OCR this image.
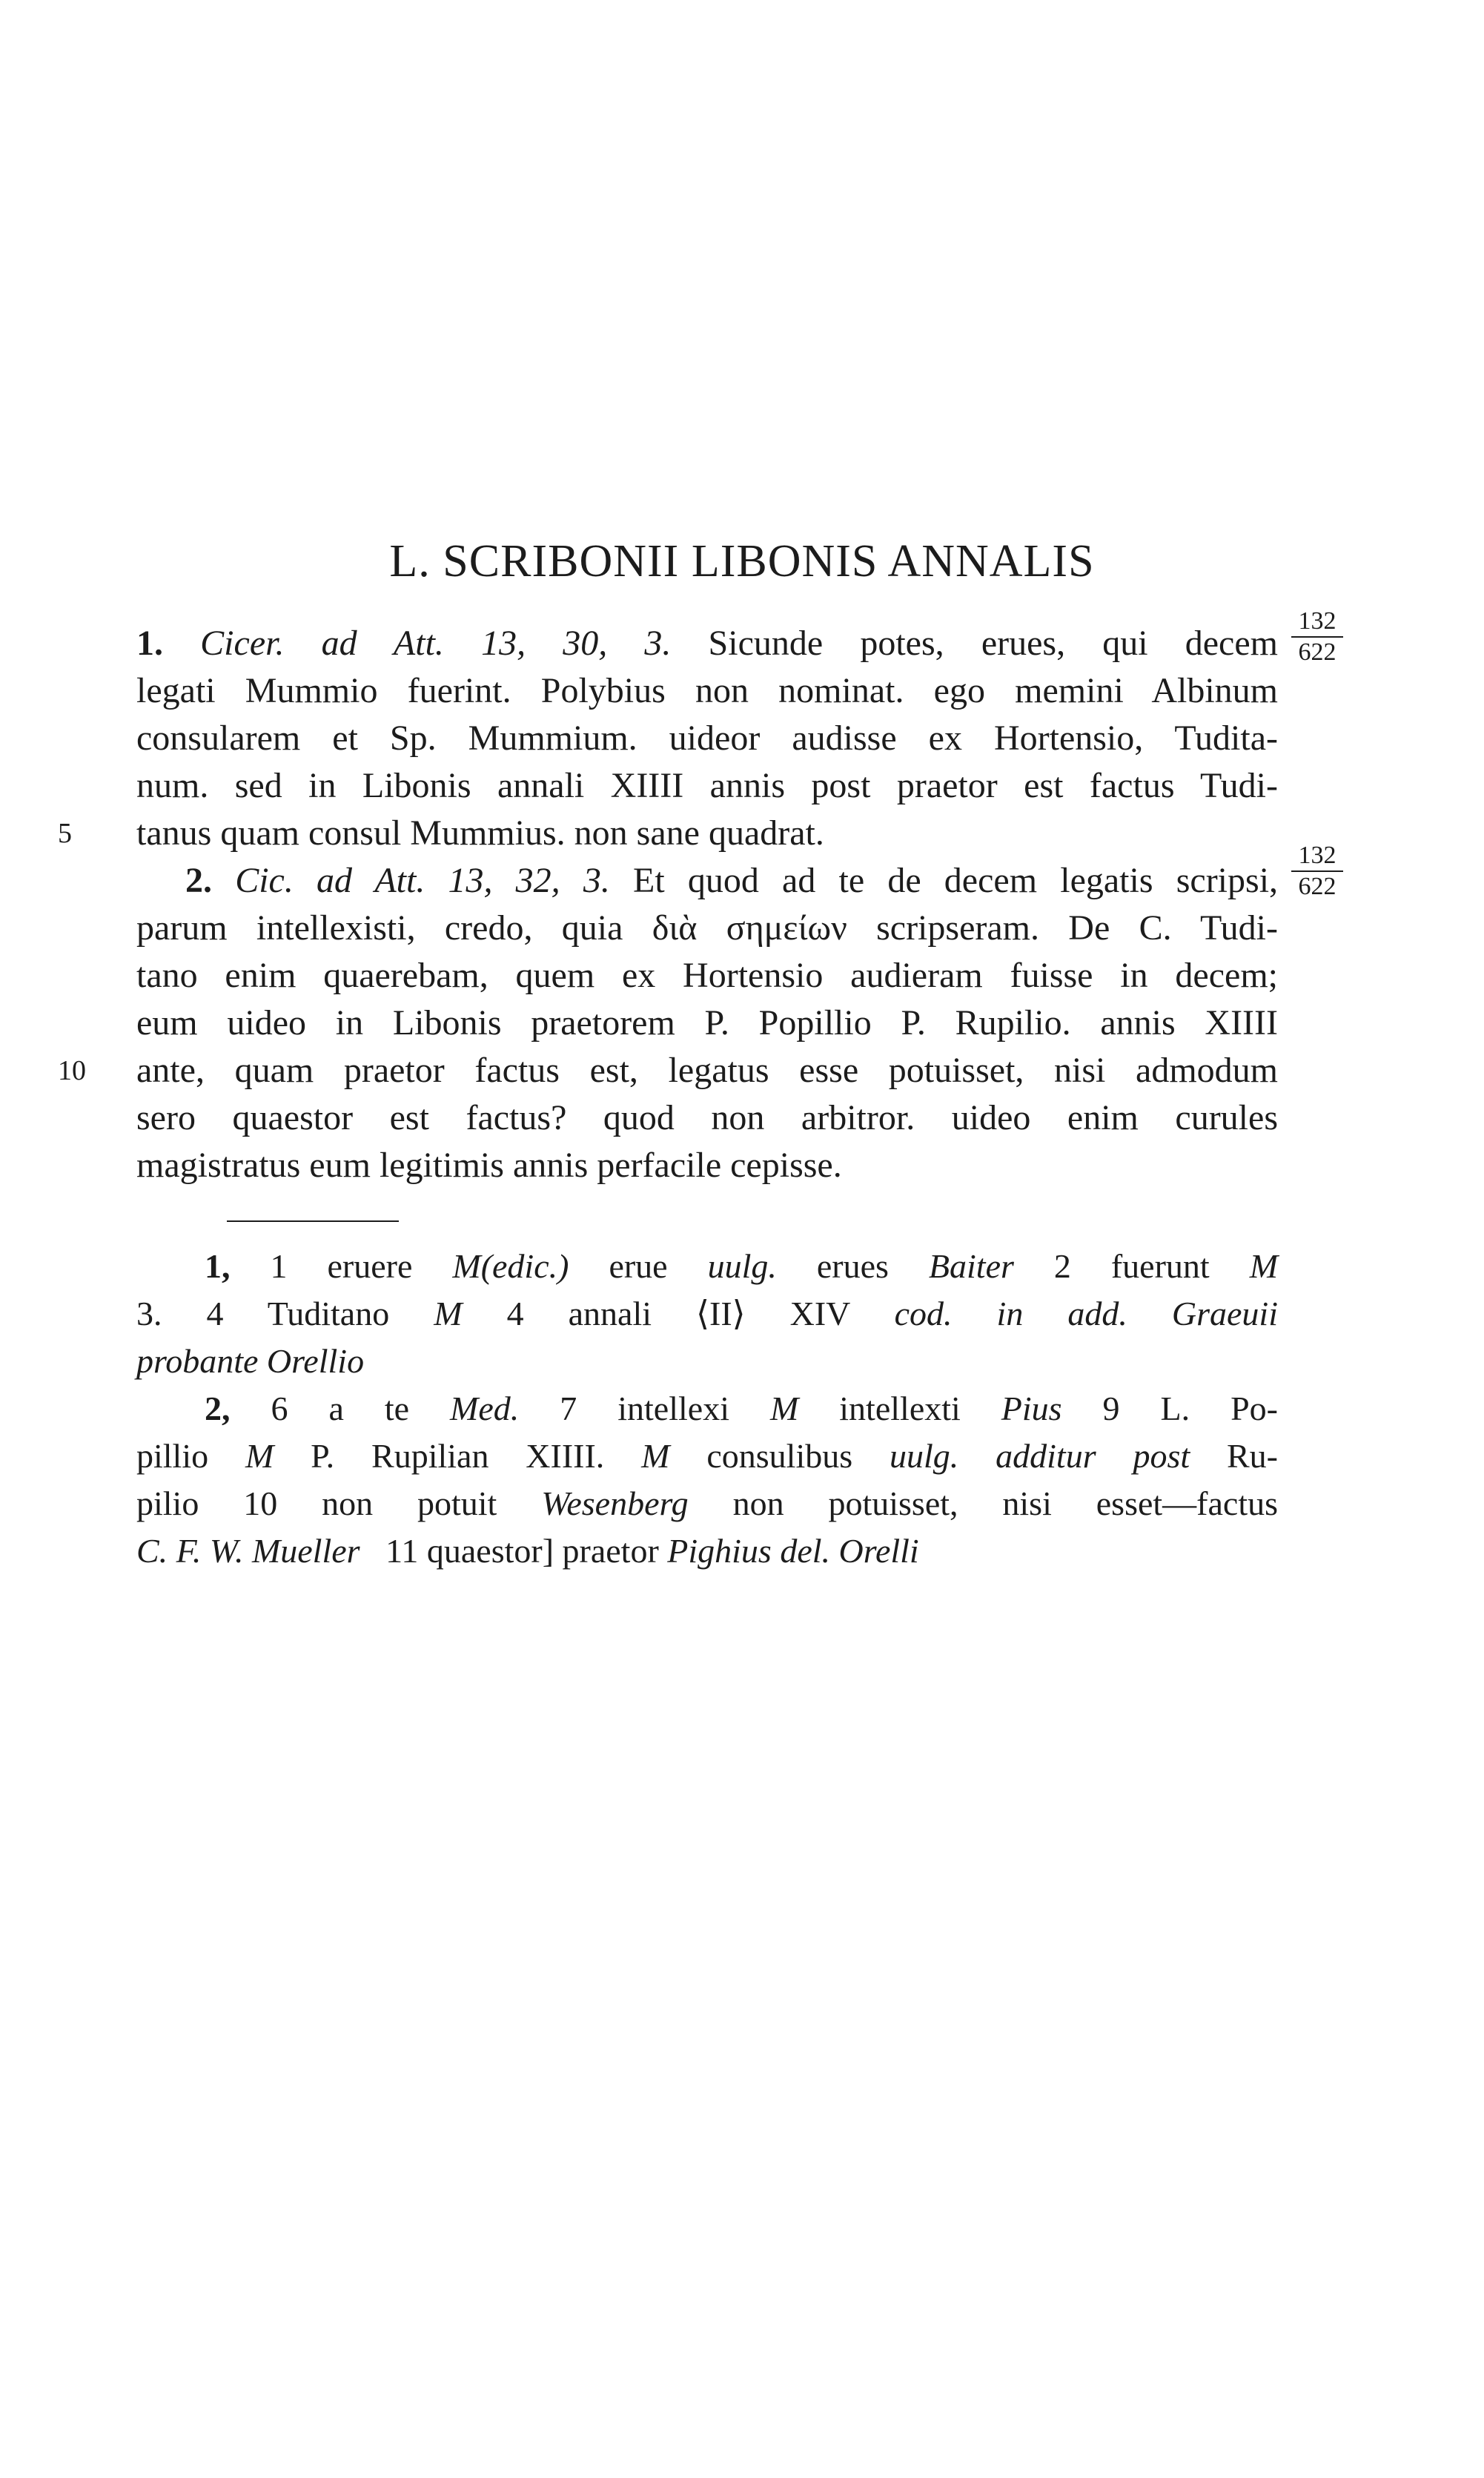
L. SCRIBONII LIBONIS ANNALIS
132
622
1. Cicer. ad Att. 13, 30, 3. Sicunde potes, erues, qui decem
legati Mummio fuerint. Polybius non nominat. ego memini Albinum
consularem et Sp. Mummium. uideor audisse ex Hortensio, Tudita-
num. sed in Libonis annali XIIII annis post praetor est factus Tudi-
5 tanus quam consul Mummius. non sane quadrat.
132
622
2. Cic. ad Att. 13, 32, 3. Et quod ad te de decem legatis scripsi,
parum intellexisti, credo, quia διὰ σημείων scripseram. De C. Tudi-
tano enim quaerebam, quem ex Hortensio audieram fuisse in decem;
eum uideo in Libonis praetorem P. Popillio P. Rupilio. annis XIIII
10 ante, quam praetor factus est, legatus esse potuisset, nisi admodum
sero quaestor est factus? quod non arbitror. uideo enim curules
magistratus eum legitimis annis perfacile cepisse.
1, 1 eruere M(edic.) erue uulg. erues Baiter 2 fuerunt M
3. 4 Tuditano M 4 annali ⟨II⟩ XIV cod. in add. Graeuii
probante Orellio
2, 6 a te Med. 7 intellexi M intellexti Pius 9 L. Po-
pillio M P. Rupilian XIIII. M consulibus uulg. additur post Ru-
pilio 10 non potuit Wesenberg non potuisset, nisi esset—factus
C. F. W. Mueller   11 quaestor] praetor Pighius del. Orelli
